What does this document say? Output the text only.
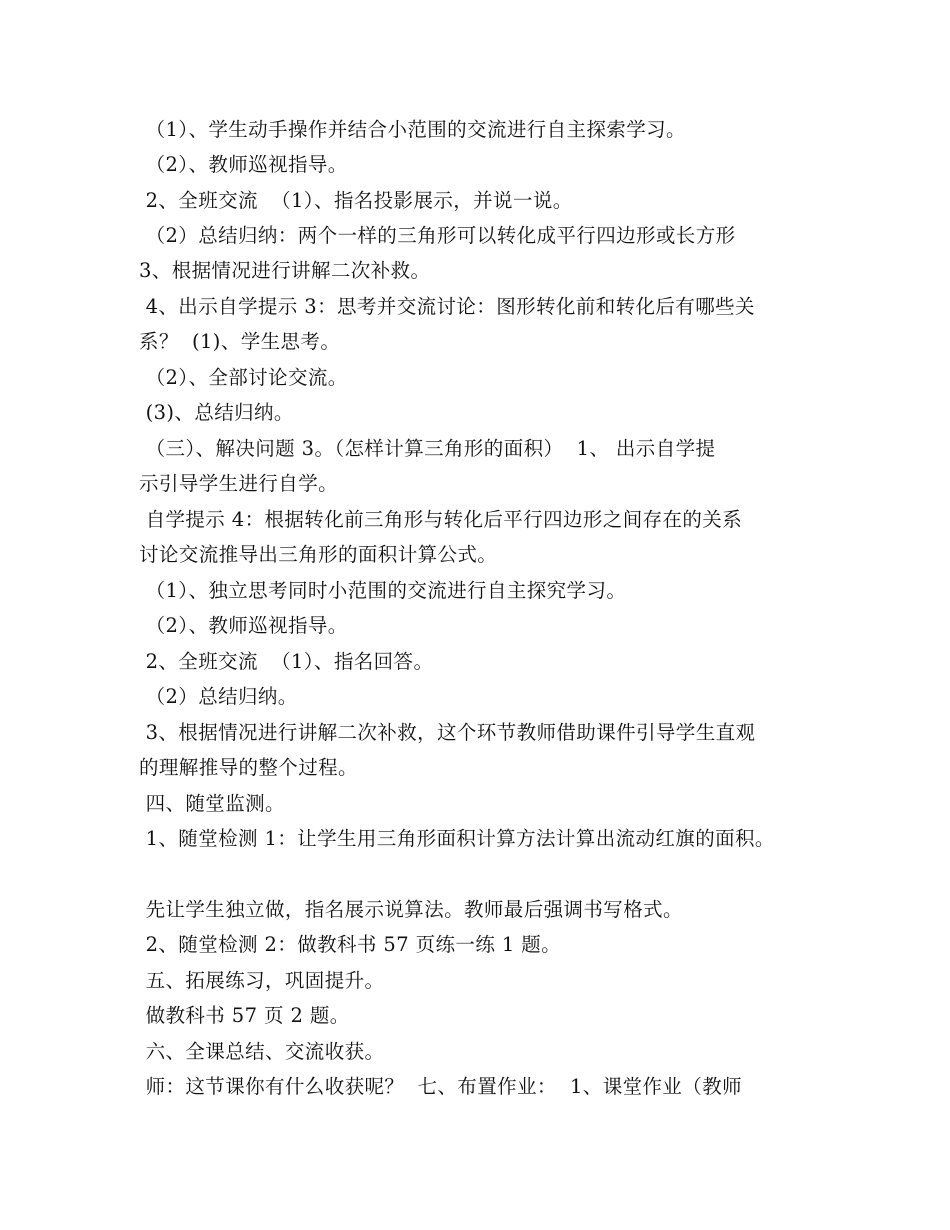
（1）、学生动手操作并结合小范围的交流进行自主探索学习。
（2）、教师巡视指导。
2、全班交流  （1）、指名投影展示，并说一说。
（2）总结归纳：两个一样的三角形可以转化成平行四边形或长方形
3、根据情况进行讲解二次补救。
4、出示自学提示 3：思考并交流讨论：图形转化前和转化后有哪些关
系？  (1)、学生思考。
（2）、全部讨论交流。
(3)、总结归纳。
（三）、解决问题 3。（怎样计算三角形的面积）  1、 出示自学提
示引导学生进行自学。
自学提示 4：根据转化前三角形与转化后平行四边形之间存在的关系
讨论交流推导出三角形的面积计算公式。
（1）、独立思考同时小范围的交流进行自主探究学习。
（2）、教师巡视指导。
2、全班交流  （1）、指名回答。
（2）总结归纳。
3、根据情况进行讲解二次补救，这个环节教师借助课件引导学生直观
的理解推导的整个过程。
四、随堂监测。
1、随堂检测 1：让学生用三角形面积计算方法计算出流动红旗的面积。
先让学生独立做，指名展示说算法。教师最后强调书写格式。
2、随堂检测 2：做教科书 57 页练一练 1 题。
五、拓展练习，巩固提升。
做教科书 57 页 2 题。
六、全课总结、交流收获。
师：这节课你有什么收获呢？  七、布置作业：  1、课堂作业（教师
